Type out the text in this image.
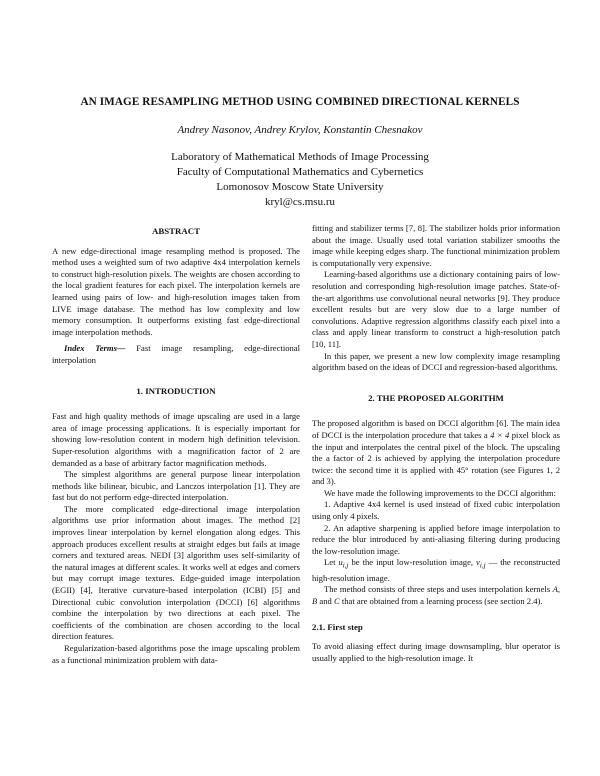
AN IMAGE RESAMPLING METHOD USING COMBINED DIRECTIONAL KERNELS
Andrey Nasonov, Andrey Krylov, Konstantin Chesnakov
Laboratory of Mathematical Methods of Image Processing
Faculty of Computational Mathematics and Cybernetics
Lomonosov Moscow State University
kryl@cs.msu.ru

ABSTRACT

A new edge-directional image resampling method is proposed. The method uses a weighted sum of two adaptive 4x4 interpolation kernels to construct high-resolution pixels. The weights are chosen according to the local gradient features for each pixel. The interpolation kernels are learned using pairs of low- and high-resolution images taken from LIVE image database. The method has low complexity and low memory consumption. It outperforms existing fast edge-directional image interpolation methods.

Index Terms— Fast image resampling, edge-directional interpolation

1. INTRODUCTION

Fast and high quality methods of image upscaling are used in a large area of image processing applications. It is especially important for showing low-resolution content in modern high definition television. Super-resolution algorithms with a magnification factor of 2 are demanded as a base of arbitrary factor magnification methods.

The simplest algorithms are general purpose linear interpolation methods like bilinear, bicubic, and Lanczos interpolation [1]. They are fast but do not perform edge-directed interpolation.

The more complicated edge-directional image interpolation algorithms use prior information about images. The method [2] improves linear interpolation by kernel elongation along edges. This approach produces excellent results at straight edges but fails at image corners and textured areas. NEDI [3] algorithm uses self-similarity of the natural images at different scales. It works well at edges and corners but may corrupt image textures. Edge-guided image interpolation (EGII) [4], Iterative curvature-based interpolation (ICBI) [5] and Directional cubic convolution interpolation (DCCI) [6] algorithms combine the interpolation by two directions at each pixel. The coefficients of the combination are chosen according to the local direction features.

Regularization-based algorithms pose the image upscaling problem as a functional minimization problem with data-

fitting and stabilizer terms [7, 8]. The stabilizer holds prior information about the image. Usually used total variation stabilizer smooths the image while keeping edges sharp. The functional minimization problem is computationally very expensive.

Learning-based algorithms use a dictionary containing pairs of low-resolution and corresponding high-resolution image patches. State-of-the-art algorithms use convolutional neural networks [9]. They produce excellent results but are very slow due to a large number of convolutions. Adaptive regression algorithms classify each pixel into a class and apply linear transform to construct a high-resolution patch [10, 11].

In this paper, we present a new low complexity image resampling algorithm based on the ideas of DCCI and regression-based algorithms.

2. THE PROPOSED ALGORITHM

The proposed algorithm is based on DCCI algorithm [6]. The main idea of DCCI is the interpolation procedure that takes a 4 × 4 pixel block as the input and interpolates the central pixel of the block. The upscaling the a factor of 2 is achieved by applying the interpolation procedure twice: the second time it is applied with 45° rotation (see Figures 1, 2 and 3).

We have made the following improvements to the DCCI algorithm:

1. Adaptive 4x4 kernel is used instead of fixed cubic interpolation using only 4 pixels.

2. An adaptive sharpening is applied before image interpolation to reduce the blur introduced by anti-aliasing filtering during producing the low-resolution image.

Let $u_{i,j}$ be the input low-resolution image, $v_{i,j}$ — the reconstructed high-resolution image.

The method consists of three steps and uses interpolation kernels A, B and C that are obtained from a learning process (see section 2.4).

2.1. First step

To avoid aliasing effect during image downsampling, blur operator is usually applied to the high-resolution image. It
